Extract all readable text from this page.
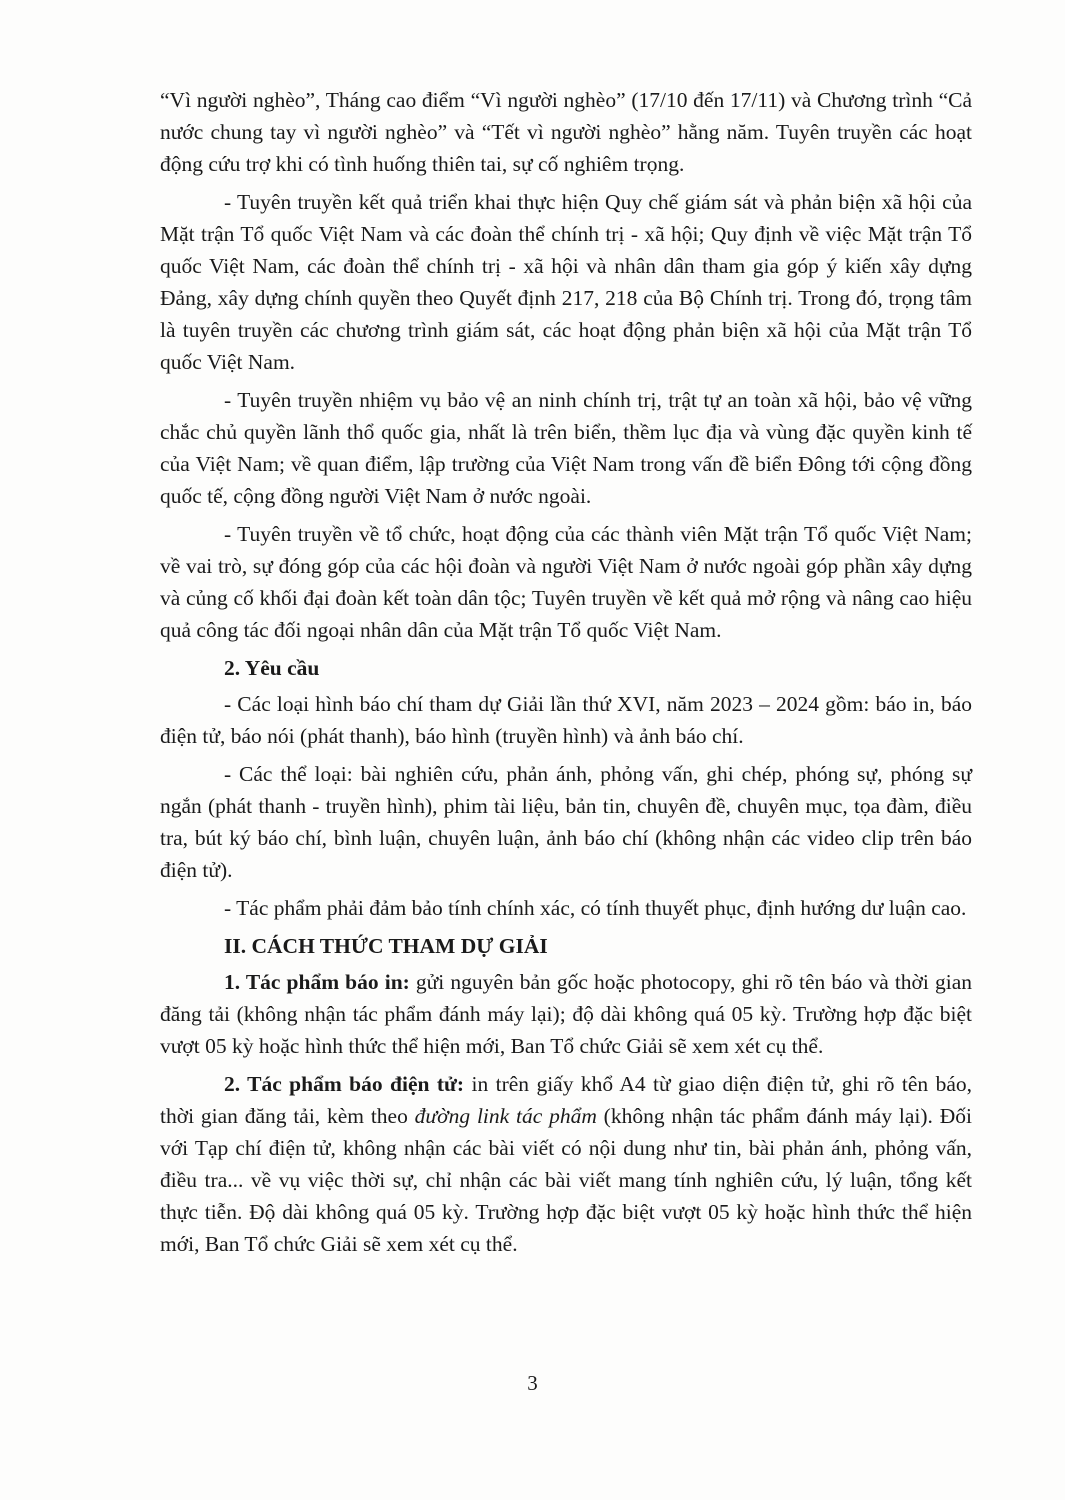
“Vì người nghèo”, Tháng cao điểm “Vì người nghèo” (17/10 đến 17/11) và Chương trình “Cả nước chung tay vì người nghèo” và “Tết vì người nghèo” hằng năm. Tuyên truyền các hoạt động cứu trợ khi có tình huống thiên tai, sự cố nghiêm trọng.

- Tuyên truyền kết quả triển khai thực hiện Quy chế giám sát và phản biện xã hội của Mặt trận Tổ quốc Việt Nam và các đoàn thể chính trị - xã hội; Quy định về việc Mặt trận Tổ quốc Việt Nam, các đoàn thể chính trị - xã hội và nhân dân tham gia góp ý kiến xây dựng Đảng, xây dựng chính quyền theo Quyết định 217, 218 của Bộ Chính trị. Trong đó, trọng tâm là tuyên truyền các chương trình giám sát, các hoạt động phản biện xã hội của Mặt trận Tổ quốc Việt Nam.

- Tuyên truyền nhiệm vụ bảo vệ an ninh chính trị, trật tự an toàn xã hội, bảo vệ vững chắc chủ quyền lãnh thổ quốc gia, nhất là trên biển, thềm lục địa và vùng đặc quyền kinh tế của Việt Nam; về quan điểm, lập trường của Việt Nam trong vấn đề biển Đông tới cộng đồng quốc tế, cộng đồng người Việt Nam ở nước ngoài.

- Tuyên truyền về tổ chức, hoạt động của các thành viên Mặt trận Tổ quốc Việt Nam; về vai trò, sự đóng góp của các hội đoàn và người Việt Nam ở nước ngoài góp phần xây dựng và củng cố khối đại đoàn kết toàn dân tộc; Tuyên truyền về kết quả mở rộng và nâng cao hiệu quả công tác đối ngoại nhân dân của Mặt trận Tổ quốc Việt Nam.

2. Yêu cầu

- Các loại hình báo chí tham dự Giải lần thứ XVI, năm 2023 – 2024 gồm: báo in, báo điện tử, báo nói (phát thanh), báo hình (truyền hình) và ảnh báo chí.

- Các thể loại: bài nghiên cứu, phản ánh, phỏng vấn, ghi chép, phóng sự, phóng sự ngắn (phát thanh - truyền hình), phim tài liệu, bản tin, chuyên đề, chuyên mục, tọa đàm, điều tra, bút ký báo chí, bình luận, chuyên luận, ảnh báo chí (không nhận các video clip trên báo điện tử).

- Tác phẩm phải đảm bảo tính chính xác, có tính thuyết phục, định hướng dư luận cao.

II. CÁCH THỨC THAM DỰ GIẢI

1. Tác phẩm báo in: gửi nguyên bản gốc hoặc photocopy, ghi rõ tên báo và thời gian đăng tải (không nhận tác phẩm đánh máy lại); độ dài không quá 05 kỳ. Trường hợp đặc biệt vượt 05 kỳ hoặc hình thức thể hiện mới, Ban Tổ chức Giải sẽ xem xét cụ thể.

2. Tác phẩm báo điện tử: in trên giấy khổ A4 từ giao diện điện tử, ghi rõ tên báo, thời gian đăng tải, kèm theo đường link tác phẩm (không nhận tác phẩm đánh máy lại). Đối với Tạp chí điện tử, không nhận các bài viết có nội dung như tin, bài phản ánh, phỏng vấn, điều tra... về vụ việc thời sự, chỉ nhận các bài viết mang tính nghiên cứu, lý luận, tổng kết thực tiễn. Độ dài không quá 05 kỳ. Trường hợp đặc biệt vượt 05 kỳ hoặc hình thức thể hiện mới, Ban Tổ chức Giải sẽ xem xét cụ thể.

3
